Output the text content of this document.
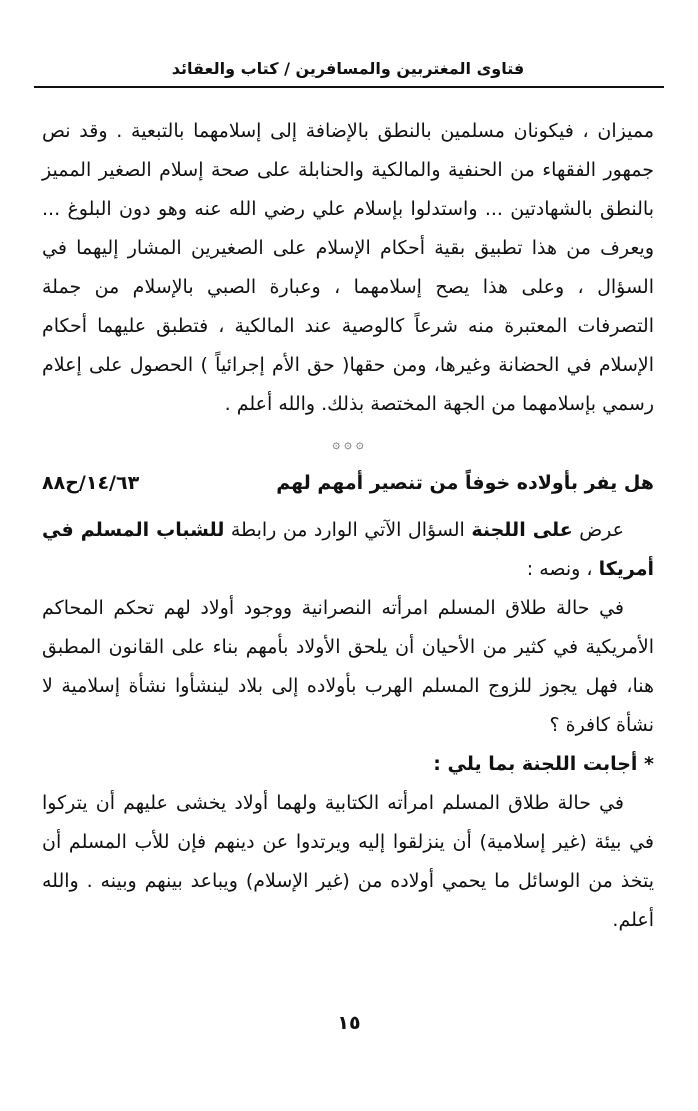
فتاوى المغتربين والمسافرين / كتاب والعقائد

مميزان ، فيكونان مسلمين بالنطق بالإضافة إلى إسلامهما بالتبعية . وقد نص جمهور الفقهاء من الحنفية والمالكية والحنابلة على صحة إسلام الصغير المميز بالنطق بالشهادتين ... واستدلوا بإسلام علي رضي الله عنه وهو دون البلوغ ... ويعرف من هذا تطبيق بقية أحكام الإسلام على الصغيرين المشار إليهما في السؤال ، وعلى هذا يصح إسلامهما ، وعبارة الصبي بالإسلام من جملة التصرفات المعتبرة منه شرعاً كالوصية عند المالكية ، فتطبق عليهما أحكام الإسلام في الحضانة وغيرها، ومن حقها( حق الأم إجرائياً ) الحصول على إعلام رسمي بإسلامهما من الجهة المختصة بذلك. والله أعلم .

۞ ۞ ۞
هل يفر بأولاده خوفاً من تنصير أمهم لهم
١٤/٦٣/ح٨٨

عرض على اللجنة السؤال الآتي الوارد من رابطة للشباب المسلم في أمريكا ، ونصه :

في حالة طلاق المسلم امرأته النصرانية ووجود أولاد لهم تحكم المحاكم الأمريكية في كثير من الأحيان أن يلحق الأولاد بأمهم بناء على القانون المطبق هنا، فهل يجوز للزوج المسلم الهرب بأولاده إلى بلاد لينشأوا نشأة إسلامية لا نشأة كافرة ؟

* أجابت اللجنة بما يلي :

في حالة طلاق المسلم امرأته الكتابية ولهما أولاد يخشى عليهم أن يتركوا في بيئة (غير إسلامية) أن ينزلقوا إليه ويرتدوا عن دينهم فإن للأب المسلم أن يتخذ من الوسائل ما يحمي أولاده من (غير الإسلام) ويباعد بينهم وبينه . والله أعلم.

١٥
